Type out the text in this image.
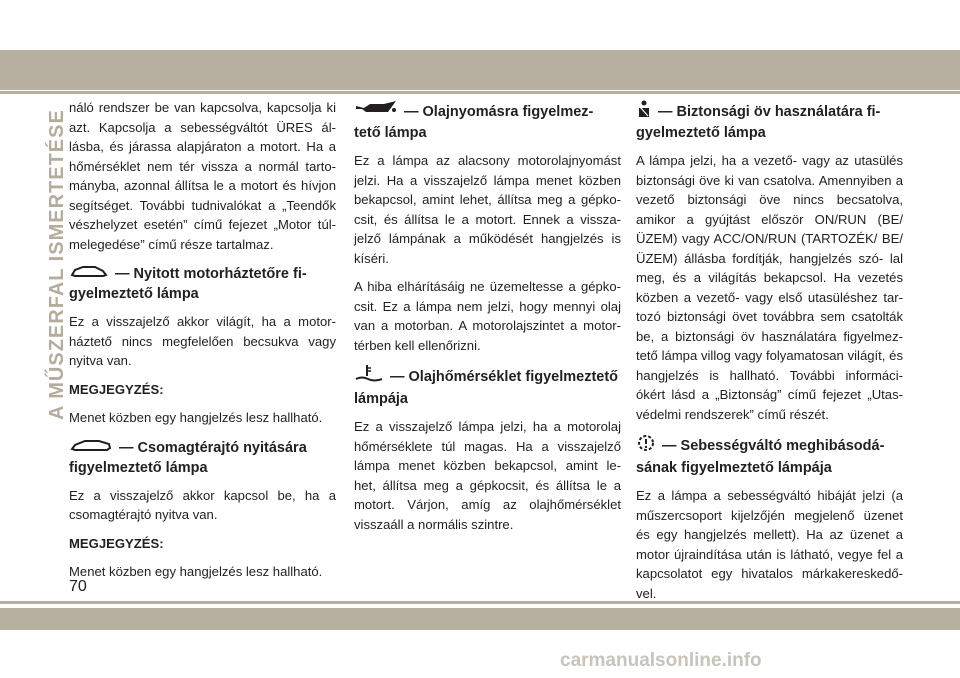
A MŰSZERFAL ISMERTETÉSE

náló rendszer be van kapcsolva, kapcsolja ki azt. Kapcsolja a sebességváltót ÜRES ál- lásba, és járassa alapjáraton a motort. Ha a hőmérséklet nem tér vissza a normál tarto- mányba, azonnal állítsa le a motort és hívjon segítséget. További tudnivalókat a „Teendők vészhelyzet esetén” című fejezet „Motor túl- melegedése” című része tartalmaz.

— Nyitott motorháztetőre fi- gyelmeztető lámpa

Ez a visszajelző akkor világít, ha a motor- háztető nincs megfelelően becsukva vagy nyitva van.

MEGJEGYZÉS:

Menet közben egy hangjelzés lesz hallható.

— Csomagtérajtó nyitására figyelmeztető lámpa

Ez a visszajelző akkor kapcsol be, ha a csomagtérajtó nyitva van.

MEGJEGYZÉS:

Menet közben egy hangjelzés lesz hallható.

— Olajnyomásra figyelmez- tető lámpa

Ez a lámpa az alacsony motorolajnyomást jelzi. Ha a visszajelző lámpa menet közben bekapcsol, amint lehet, állítsa meg a gépko- csit, és állítsa le a motort. Ennek a vissza- jelző lámpának a működését hangjelzés is kíséri.

A hiba elhárításáig ne üzemeltesse a gépko- csit. Ez a lámpa nem jelzi, hogy mennyi olaj van a motorban. A motorolajszintet a motor- térben kell ellenőrizni.

— Olajhőmérséklet figyelmeztető lámpája

Ez a visszajelző lámpa jelzi, ha a motorolaj hőmérséklete túl magas. Ha a visszajelző lámpa menet közben bekapcsol, amint le- het, állítsa meg a gépkocsit, és állítsa le a motort. Várjon, amíg az olajhőmérséklet visszaáll a normális szintre.

— Biztonsági öv használatára fi- gyelmeztető lámpa

A lámpa jelzi, ha a vezető- vagy az utasülés biztonsági öve ki van csatolva. Amennyiben a vezető biztonsági öve nincs becsatolva, amikor a gyújtást először ON/RUN (BE/ ÜZEM) vagy ACC/ON/RUN (TARTOZÉK/ BE/ÜZEM) állásba fordítják, hangjelzés szó- lal meg, és a világítás bekapcsol. Ha vezetés közben a vezető- vagy első utasüléshez tar- tozó biztonsági övet továbbra sem csatolták be, a biztonsági öv használatára figyelmez- tető lámpa villog vagy folyamatosan világít, és hangjelzés is hallható. További informáci- ókért lásd a „Biztonság” című fejezet „Utas- védelmi rendszerek” című részét.

— Sebességváltó meghibásodá- sának figyelmeztető lámpája

Ez a lámpa a sebességváltó hibáját jelzi (a műszercsoport kijelzőjén megjelenő üzenet és egy hangjelzés mellett). Ha az üzenet a motor újraindítása után is látható, vegye fel a kapcsolatot egy hivatalos márkakereskedő- vel.

70
carmanualsonline.info
